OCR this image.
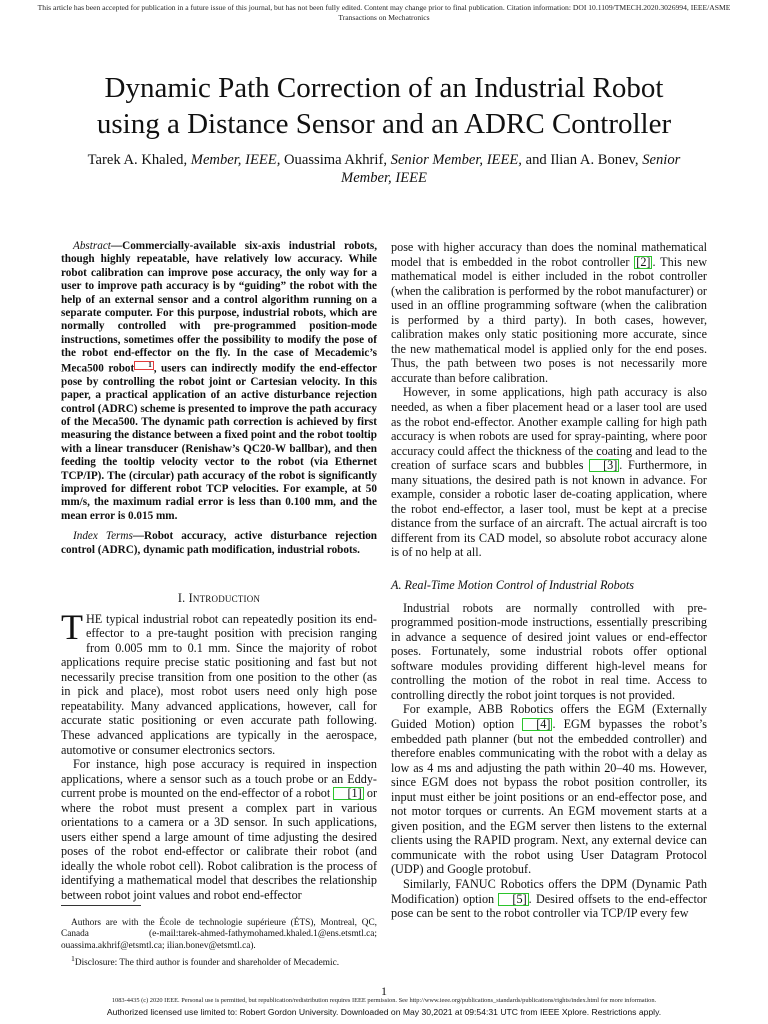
This article has been accepted for publication in a future issue of this journal, but has not been fully edited. Content may change prior to final publication. Citation information: DOI 10.1109/TMECH.2020.3026994, IEEE/ASME
Transactions on Mechatronics
Dynamic Path Correction of an Industrial Robot
using a Distance Sensor and an ADRC Controller
Tarek A. Khaled, Member, IEEE, Ouassima Akhrif, Senior Member, IEEE, and Ilian A. Bonev, Senior Member, IEEE

Abstract—Commercially-available six-axis industrial robots, though highly repeatable, have relatively low accuracy. While robot calibration can improve pose accuracy, the only way for a user to improve path accuracy is by “guiding” the robot with the help of an external sensor and a control algorithm running on a separate computer. For this purpose, industrial robots, which are normally controlled with pre-programmed position-mode instructions, sometimes offer the possibility to modify the pose of the robot end-effector on the fly. In the case of Mecademic’s Meca500 robot 1 , users can indirectly modify the end-effector pose by controlling the robot joint or Cartesian velocity. In this paper, a practical application of an active disturbance rejection control (ADRC) scheme is presented to improve the path accuracy of the Meca500. The dynamic path correction is achieved by first measuring the distance between a fixed point and the robot tooltip with a linear transducer (Renishaw’s QC20-W ballbar), and then feeding the tooltip velocity vector to the robot (via Ethernet TCP/IP). The (circular) path accuracy of the robot is significantly improved for different robot TCP velocities. For example, at 50 mm/s, the maximum radial error is less than 0.100 mm, and the mean error is 0.015 mm.

Index Terms—Robot accuracy, active disturbance rejection control (ADRC), dynamic path modification, industrial robots.

I. Introduction

THE typical industrial robot can repeatedly position its end-effector to a pre-taught position with precision ranging from 0.005 mm to 0.1 mm. Since the majority of robot applications require precise static positioning and fast but not necessarily precise transition from one position to the other (as in pick and place), most robot users need only high pose repeatability. Many advanced applications, however, call for accurate static positioning or even accurate path following. These advanced applications are typically in the aerospace, automotive or consumer electronics sectors.

For instance, high pose accuracy is required in inspection applications, where a sensor such as a touch probe or an Eddy-current probe is mounted on the end-effector of a robot [1] or where the robot must present a complex part in various orientations to a camera or a 3D sensor. In such applications, users either spend a large amount of time adjusting the desired poses of the robot end-effector or calibrate their robot (and ideally the whole robot cell). Robot calibration is the process of identifying a mathematical model that describes the relationship between robot joint values and robot end-effector

pose with higher accuracy than does the nominal mathematical model that is embedded in the robot controller [2] . This new mathematical model is either included in the robot controller (when the calibration is performed by the robot manufacturer) or used in an offline programming software (when the calibration is performed by a third party). In both cases, however, calibration makes only static positioning more accurate, since the new mathematical model is applied only for the end poses. Thus, the path between two poses is not necessarily more accurate than before calibration.

However, in some applications, high path accuracy is also needed, as when a fiber placement head or a laser tool are used as the robot end-effector. Another example calling for high path accuracy is when robots are used for spray-painting, where poor accuracy could affect the thickness of the coating and lead to the creation of surface scars and bubbles [3] . Furthermore, in many situations, the desired path is not known in advance. For example, consider a robotic laser de-coating application, where the robot end-effector, a laser tool, must be kept at a precise distance from the surface of an aircraft. The actual aircraft is too different from its CAD model, so absolute robot accuracy alone is of no help at all.

A. Real-Time Motion Control of Industrial Robots

Industrial robots are normally controlled with pre-programmed position-mode instructions, essentially prescribing in advance a sequence of desired joint values or end-effector poses. Fortunately, some industrial robots offer optional software modules providing different high-level means for controlling the motion of the robot in real time. Access to controlling directly the robot joint torques is not provided.

For example, ABB Robotics offers the EGM (Externally Guided Motion) option [4] . EGM bypasses the robot’s embedded path planner (but not the embedded controller) and therefore enables communicating with the robot with a delay as low as 4 ms and adjusting the path within 20–40 ms. However, since EGM does not bypass the robot position controller, its input must either be joint positions or an end-effector pose, and not motor torques or currents. An EGM movement starts at a given position, and the EGM server then listens to the external clients using the RAPID program. Next, any external device can communicate with the robot using User Datagram Protocol (UDP) and Google protobuf.

Similarly, FANUC Robotics offers the DPM (Dynamic Path Modification) option [5] . Desired offsets to the end-effector pose can be sent to the robot controller via TCP/IP every few

Authors are with the École de technologie supérieure (ÉTS), Montreal, QC, Canada (e-mail:tarek-ahmed-fathymohamed.khaled.1@ens.etsmtl.ca; ouassima.akhrif@etsmtl.ca; ilian.bonev@etsmtl.ca).

$^1$Disclosure: The third author is founder and shareholder of Mecademic.

1
1083-4435 (c) 2020 IEEE. Personal use is permitted, but republication/redistribution requires IEEE permission. See http://www.ieee.org/publications_standards/publications/rights/index.html for more information.
Authorized licensed use limited to: Robert Gordon University. Downloaded on May 30,2021 at 09:54:31 UTC from IEEE Xplore. Restrictions apply.
